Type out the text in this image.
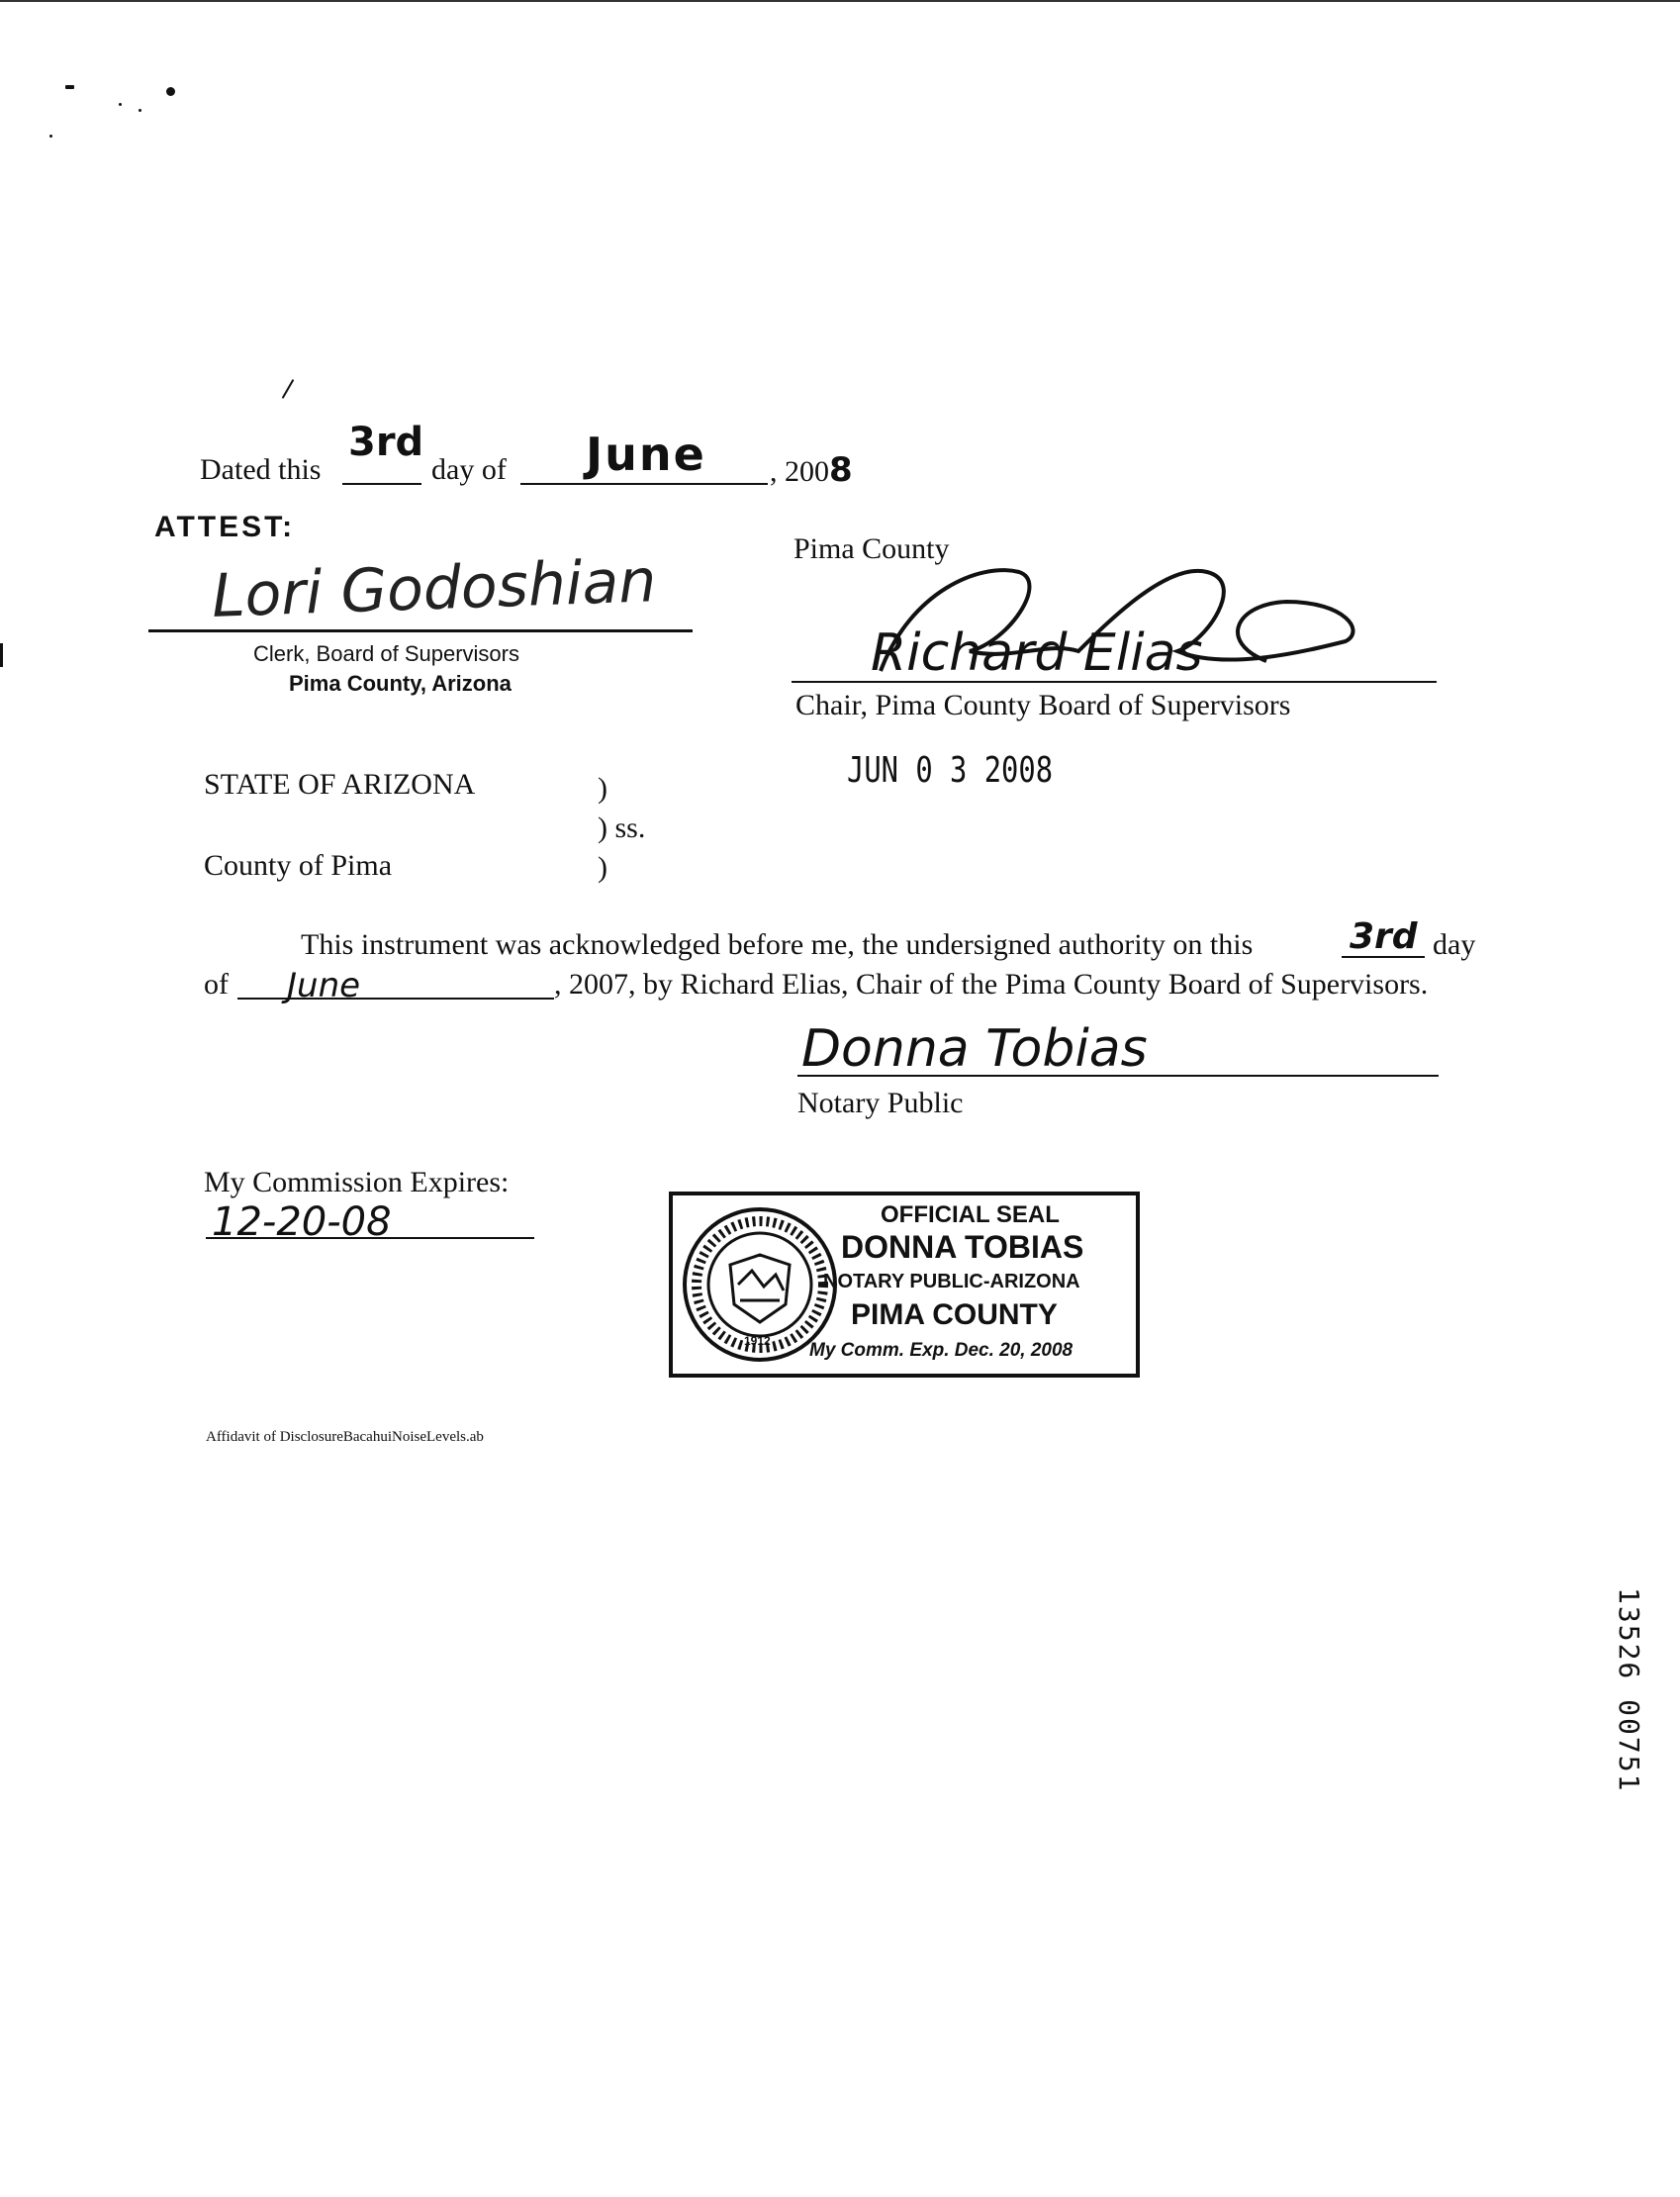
Dated this
3rd
day of June , 2008
ATTEST:
Lori Godoshian
Clerk, Board of Supervisors
Pima County, Arizona
Pima County
Richard Elias
Chair, Pima County Board of Supervisors
JUN 0 3 2008
STATE OF ARIZONA	)
) ss.
County of Pima	)
This instrument was acknowledged before me, the undersigned authority on this	3rd day
of June	, 2007, by Richard Elias, Chair of the Pima County Board of Supervisors.
Donna Tobias
Notary Public
My Commission Expires:
12-20-08
1912
OFFICIAL SEAL
DONNA TOBIAS
NOTARY PUBLIC-ARIZONA
PIMA COUNTY
My Comm. Exp. Dec. 20, 2008
Affidavit of DisclosureBacahuiNoiseLevels.ab
13526 00751
